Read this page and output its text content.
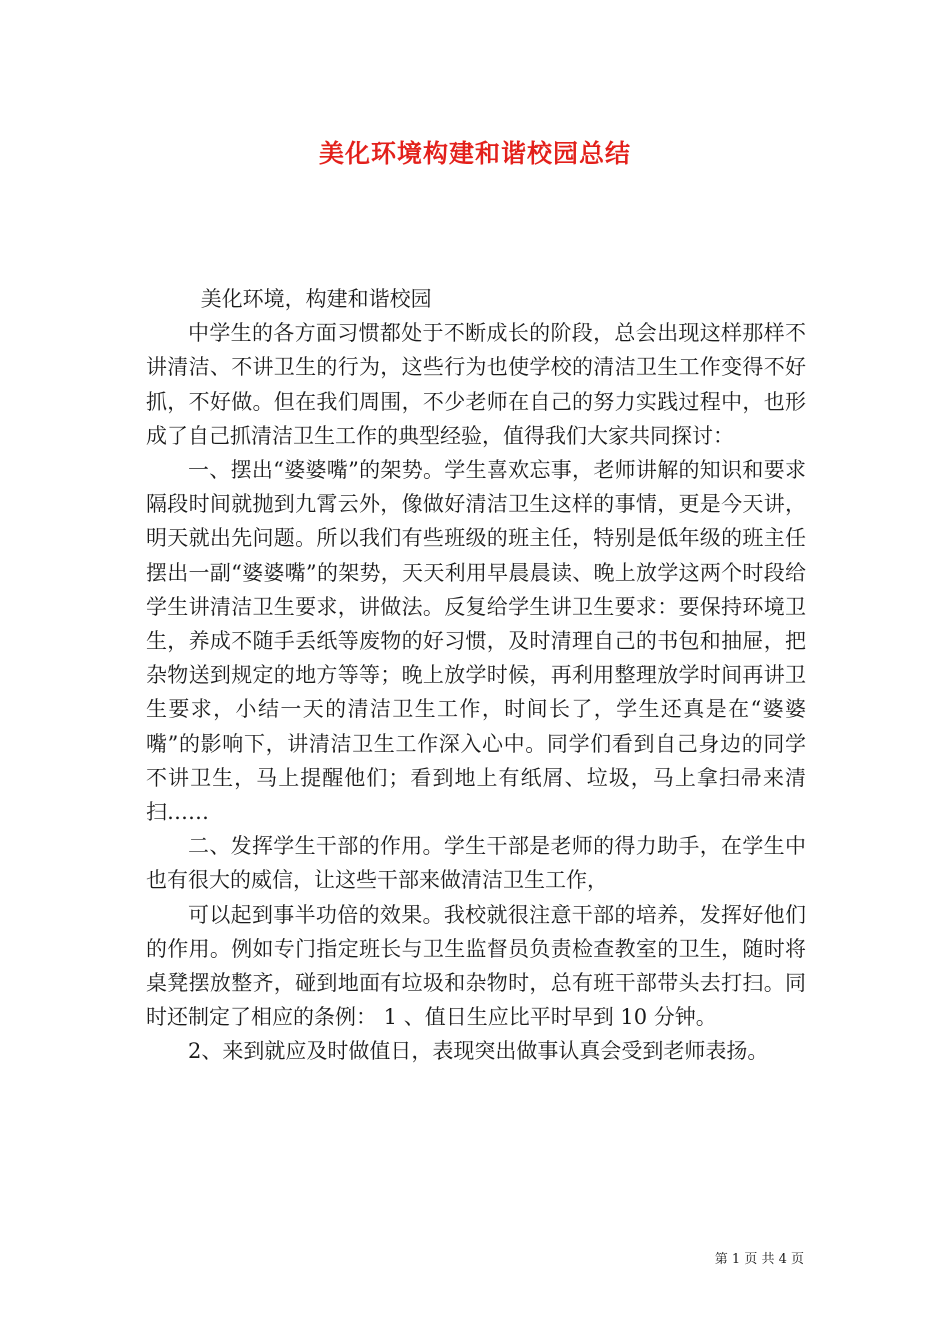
美化环境构建和谐校园总结

美化环境，构建和谐校园

中学生的各方面习惯都处于不断成长的阶段，总会出现这样那样不讲清洁、不讲卫生的行为，这些行为也使学校的清洁卫生工作变得不好抓，不好做。但在我们周围，不少老师在自己的努力实践过程中，也形成了自己抓清洁卫生工作的典型经验，值得我们大家共同探讨：

一、摆出“婆婆嘴”的架势。学生喜欢忘事，老师讲解的知识和要求隔段时间就抛到九霄云外，像做好清洁卫生这样的事情，更是今天讲，明天就出先问题。所以我们有些班级的班主任，特别是低年级的班主任摆出一副“婆婆嘴”的架势，天天利用早晨晨读、晚上放学这两个时段给学生讲清洁卫生要求，讲做法。反复给学生讲卫生要求：要保持环境卫生，养成不随手丢纸等废物的好习惯，及时清理自己的书包和抽屉，把杂物送到规定的地方等等；晚上放学时候，再利用整理放学时间再讲卫生要求，小结一天的清洁卫生工作，时间长了，学生还真是在“婆婆嘴”的影响下，讲清洁卫生工作深入心中。同学们看到自己身边的同学不讲卫生，马上提醒他们；看到地上有纸屑、垃圾，马上拿扫帚来清扫……

二、发挥学生干部的作用。学生干部是老师的得力助手，在学生中也有很大的威信，让这些干部来做清洁卫生工作，

可以起到事半功倍的效果。我校就很注意干部的培养，发挥好他们的作用。例如专门指定班长与卫生监督员负责检查教室的卫生，随时将桌凳摆放整齐，碰到地面有垃圾和杂物时，总有班干部带头去打扫。同时还制定了相应的条例： 1 、值日生应比平时早到 10 分钟。

2、来到就应及时做值日，表现突出做事认真会受到老师表扬。

第 1 页 共 4 页
